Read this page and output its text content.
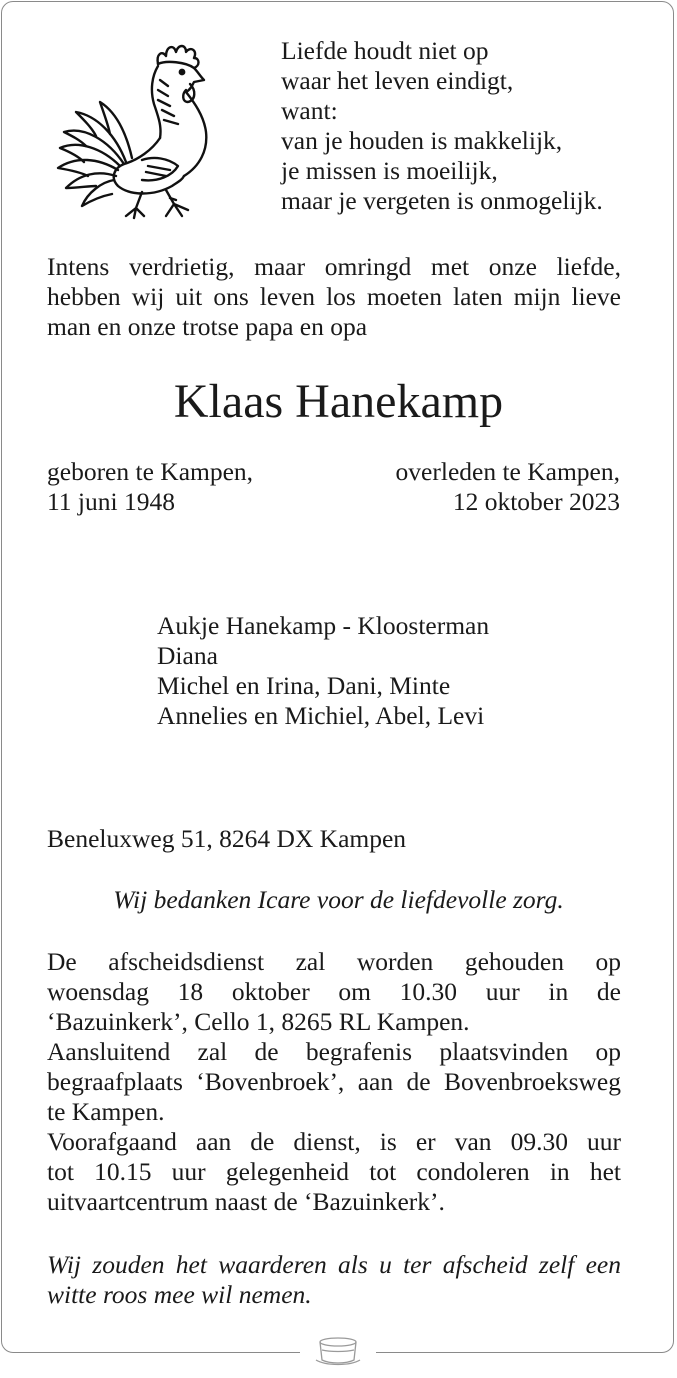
Liefde houdt niet op
waar het leven eindigt,
want:
van je houden is makkelijk,
je missen is moeilijk,
maar je vergeten is onmogelijk.
Intens verdrietig, maar omringd met onze liefde,
hebben wij uit ons leven los moeten laten mijn lieve
man en onze trotse papa en opa
Klaas Hanekamp
geboren te Kampen,
11 juni 1948
overleden te Kampen,
12 oktober 2023
Aukje Hanekamp - Kloosterman
Diana
Michel en Irina, Dani, Minte
Annelies en Michiel, Abel, Levi
Beneluxweg 51, 8264 DX Kampen
Wij bedanken Icare voor de liefdevolle zorg.
De afscheidsdienst zal worden gehouden op
woensdag 18 oktober om 10.30 uur in de
‘Bazuinkerk’, Cello 1, 8265 RL Kampen.
Aansluitend zal de begrafenis plaatsvinden op
begraafplaats ‘Bovenbroek’, aan de Bovenbroeksweg
te Kampen.
Voorafgaand aan de dienst, is er van 09.30 uur
tot 10.15 uur gelegenheid tot condoleren in het
uitvaartcentrum naast de ‘Bazuinkerk’.
Wij zouden het waarderen als u ter afscheid zelf een
witte roos mee wil nemen.
